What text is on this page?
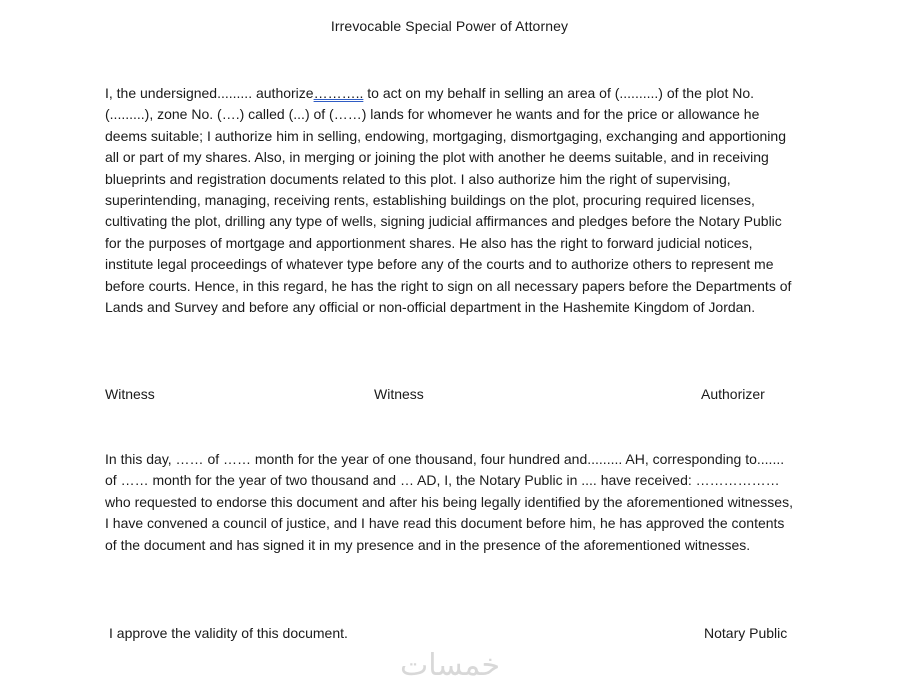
Irrevocable Special Power of Attorney
I, the undersigned......... authorize……….. to act on my behalf in selling an area of (..........) of the plot No. (.........), zone No. (….) called (...) of (……) lands for whomever he wants and for the price or allowance he deems suitable; I authorize him in selling, endowing, mortgaging, dismortgaging, exchanging and apportioning all or part of my shares. Also, in merging or joining the plot with another he deems suitable, and in receiving blueprints and registration documents related to this plot. I also authorize him the right of supervising, superintending, managing, receiving rents, establishing buildings on the plot, procuring required licenses, cultivating the plot, drilling any type of wells, signing judicial affirmances and pledges before the Notary Public for the purposes of mortgage and apportionment shares. He also has the right to forward judicial notices, institute legal proceedings of whatever type before any of the courts and to authorize others to represent me before courts. Hence, in this regard, he has the right to sign on all necessary papers before the Departments of Lands and Survey and before any official or non-official department in the Hashemite Kingdom of Jordan.
Witness	Witness	Authorizer
In this day, …… of …… month for the year of one thousand, four hundred and......... AH, corresponding to....... of …… month for the year of two thousand and … AD, I, the Notary Public in .... have received: ………………who requested to endorse this document and after his being legally identified by the aforementioned witnesses, I have convened a council of justice, and I have read this document before him, he has approved the contents of the document and has signed it in my presence and in the presence of the aforementioned witnesses.
I approve the validity of this document.	Notary Public
خمسات
